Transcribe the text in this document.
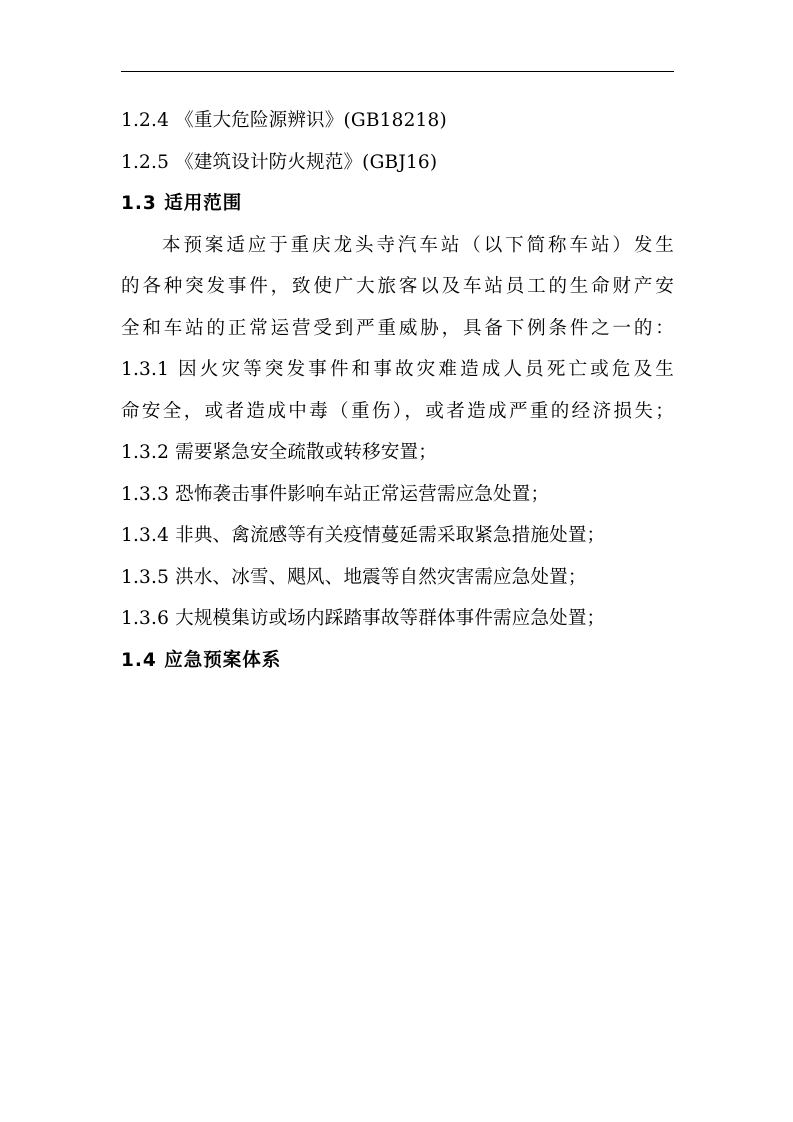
1.2.4 《重大危险源辨识》(GB18218)
1.2.5 《建筑设计防火规范》(GBJ16)
1.3 适用范围
本预案适应于重庆龙头寺汽车站（以下简称车站）发生
的各种突发事件，致使广大旅客以及车站员工的生命财产安
全和车站的正常运营受到严重威胁，具备下例条件之一的：
1.3.1 因火灾等突发事件和事故灾难造成人员死亡或危及生
命安全，或者造成中毒（重伤），或者造成严重的经济损失；
1.3.2 需要紧急安全疏散或转移安置；
1.3.3 恐怖袭击事件影响车站正常运营需应急处置；
1.3.4 非典、禽流感等有关疫情蔓延需采取紧急措施处置；
1.3.5 洪水、冰雪、飓风、地震等自然灾害需应急处置；
1.3.6 大规模集访或场内踩踏事故等群体事件需应急处置；
1.4 应急预案体系
